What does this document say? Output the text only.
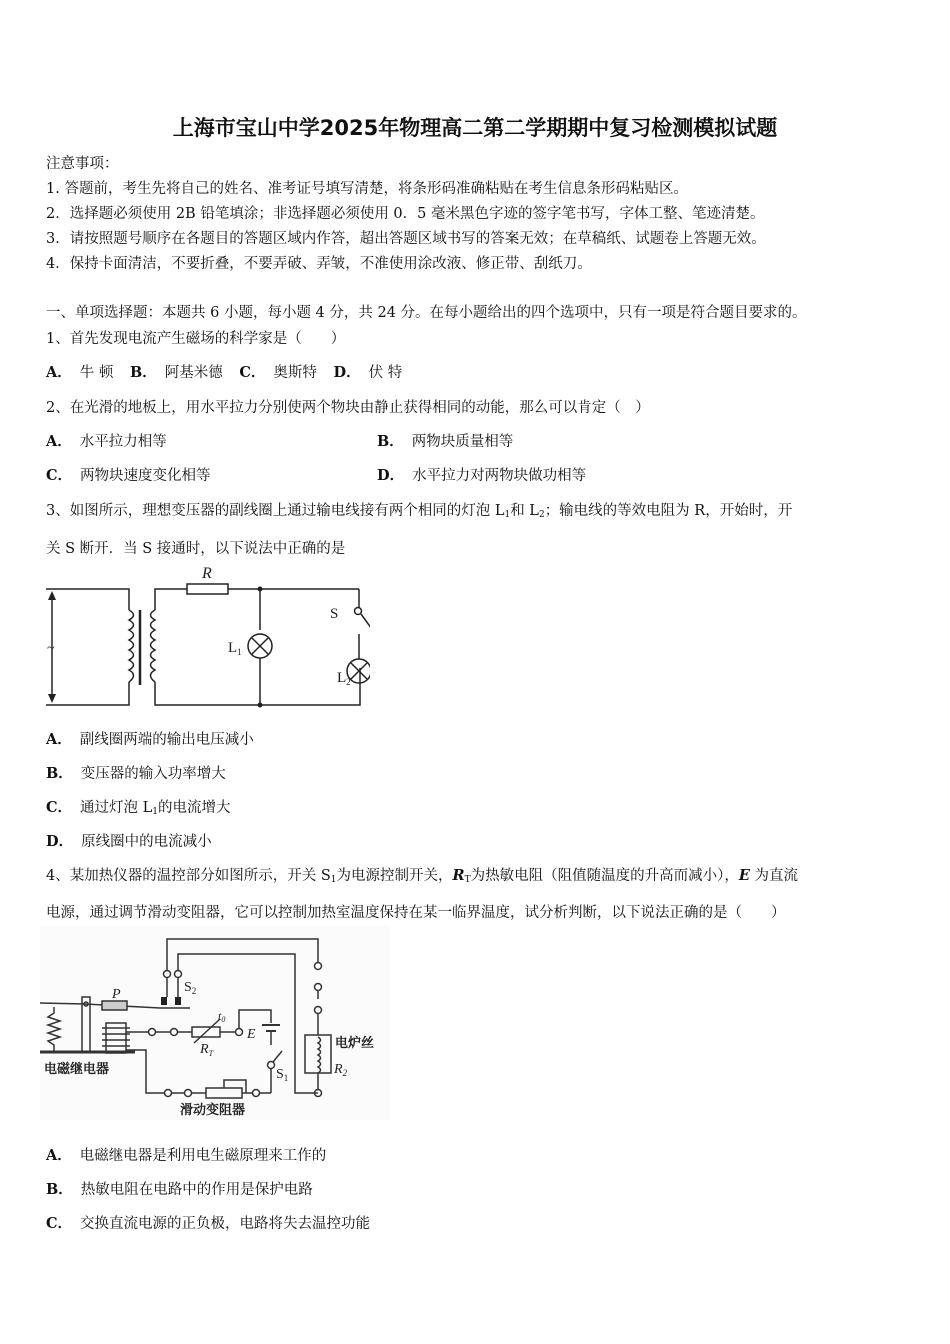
上海市宝山中学2025年物理高二第二学期期中复习检测模拟试题
注意事项：
1. 答题前，考生先将自己的姓名、准考证号填写清楚，将条形码准确粘贴在考生信息条形码粘贴区。
2．选择题必须使用 2B 铅笔填涂；非选择题必须使用 0．5 毫米黑色字迹的签字笔书写，字体工整、笔迹清楚。
3．请按照题号顺序在各题目的答题区域内作答，超出答题区域书写的答案无效；在草稿纸、试题卷上答题无效。
4．保持卡面清洁，不要折叠，不要弄破、弄皱，不准使用涂改液、修正带、刮纸刀。
一、单项选择题：本题共 6 小题，每小题 4 分，共 24 分。在每小题给出的四个选项中，只有一项是符合题目要求的。
1、首先发现电流产生磁场的科学家是（　　）
A． 牛 顿 B． 阿基米德 C． 奥斯特 D． 伏 特
2、在光滑的地板上，用水平拉力分别使两个物块由静止获得相同的动能，那么可以肯定（　）
A． 水平拉力相等	B． 两物块质量相等
C． 两物块速度变化相等	D． 水平拉力对两物块做功相等
3、如图所示，理想变压器的副线圈上通过输电线接有两个相同的灯泡 $L_1$和 $L_2$；输电线的等效电阻为 R，开始时，开
关 S 断开．当 S 接通时，以下说法中正确的是
R
S
$L_1$
$L_2$
~
A． 副线圈两端的输出电压减小
B． 变压器的输入功率增大
C． 通过灯泡 $L_1$的电流增大
D． 原线圈中的电流减小
4、某加热仪器的温控部分如图所示，开关 $S_1$为电源控制开关，$R_T$为热敏电阻（阻值随温度的升高而减小），E 为直流
电源，通过调节滑动变阻器，它可以控制加热室温度保持在某一临界温度，试分析判断，以下说法正确的是（　　）
P	$S_2$
t0
E
$R_T$
$S_1$
电炉丝
$R_2$
电磁继电器
滑动变阻器
A． 电磁继电器是利用电生磁原理来工作的
B． 热敏电阻在电路中的作用是保护电路
C． 交换直流电源的正负极，电路将失去温控功能
